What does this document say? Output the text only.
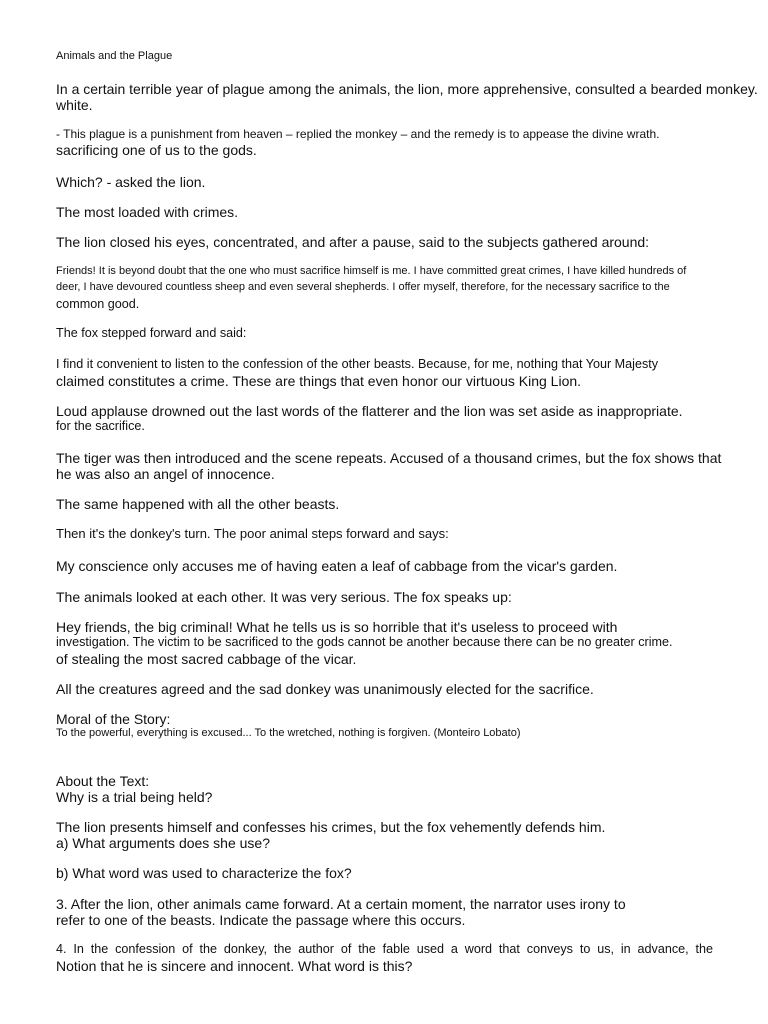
Animals and the Plague

In a certain terrible year of plague among the animals, the lion, more apprehensive, consulted a bearded monkey.

white.

- This plague is a punishment from heaven – replied the monkey – and the remedy is to appease the divine wrath.

sacrificing one of us to the gods.

Which? - asked the lion.

The most loaded with crimes.

The lion closed his eyes, concentrated, and after a pause, said to the subjects gathered around:

Friends! It is beyond doubt that the one who must sacrifice himself is me. I have committed great crimes, I have killed hundreds of

deer, I have devoured countless sheep and even several shepherds. I offer myself, therefore, for the necessary sacrifice to the

common good.

The fox stepped forward and said:

I find it convenient to listen to the confession of the other beasts. Because, for me, nothing that Your Majesty

claimed constitutes a crime. These are things that even honor our virtuous King Lion.

Loud applause drowned out the last words of the flatterer and the lion was set aside as inappropriate.

for the sacrifice.

The tiger was then introduced and the scene repeats. Accused of a thousand crimes, but the fox shows that

he was also an angel of innocence.

The same happened with all the other beasts.

Then it's the donkey's turn. The poor animal steps forward and says:

My conscience only accuses me of having eaten a leaf of cabbage from the vicar's garden.

The animals looked at each other. It was very serious. The fox speaks up:

Hey friends, the big criminal! What he tells us is so horrible that it's useless to proceed with

investigation. The victim to be sacrificed to the gods cannot be another because there can be no greater crime.

of stealing the most sacred cabbage of the vicar.

All the creatures agreed and the sad donkey was unanimously elected for the sacrifice.

Moral of the Story:

To the powerful, everything is excused... To the wretched, nothing is forgiven. (Monteiro Lobato)

About the Text:

Why is a trial being held?

The lion presents himself and confesses his crimes, but the fox vehemently defends him.

a) What arguments does she use?

b) What word was used to characterize the fox?

3. After the lion, other animals came forward. At a certain moment, the narrator uses irony to

refer to one of the beasts. Indicate the passage where this occurs.

4. In the confession of the donkey, the author of the fable used a word that conveys to us, in advance, the

Notion that he is sincere and innocent. What word is this?
